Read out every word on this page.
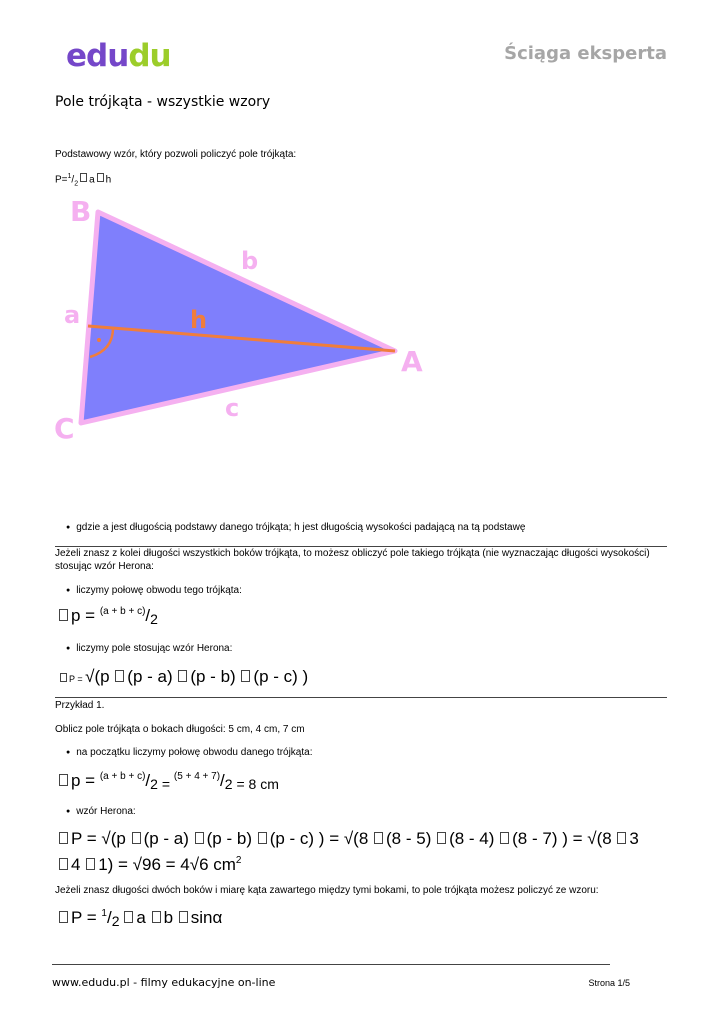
edudu	Ściąga eksperta
Pole trójkąta - wszystkie wzory
Podstawowy wzór, który pozwoli policzyć pole trójkąta:
$P=^1/_2$ a h
B
b
a	h
A
C
c
● gdzie a jest długością podstawy danego trójkąta; h jest długością wysokości padającą na tą podstawę
Jeżeli znasz z kolei długości wszystkich boków trójkąta, to możesz obliczyć pole takiego trójkąta (nie wyznaczając długości wysokości) stosując wzór Herona:
● liczymy połowę obwodu tego trójkąta:
$p = ^{(a + b + c)}/_2$
● liczymy pole stosując wzór Herona:
P = √(p (p - a) (p - b) (p - c) )
Przykład 1.
Oblicz pole trójkąta o bokach długości: 5 cm, 4 cm, 7 cm
● na początku liczymy połowę obwodu danego trójkąta:
$p = ^{(a + b + c)}/_{2 =}$ $^{(5 + 4 + 7)}/_{2 = 8 cm}$
● wzór Herona:
P = √(p (p - a) (p - b) (p - c) ) = √(8 (8 - 5) (8 - 4) (8 - 7) ) = √(8 3
4 1) = √96 = 4√6 $cm^2$
Jeżeli znasz długości dwóch boków i miarę kąta zawartego między tymi bokami, to pole trójkąta możesz policzyć ze wzoru:
$P = ^1/_2$ a b sinα
www.edudu.pl - filmy edukacyjne on-line	Strona 1/5
